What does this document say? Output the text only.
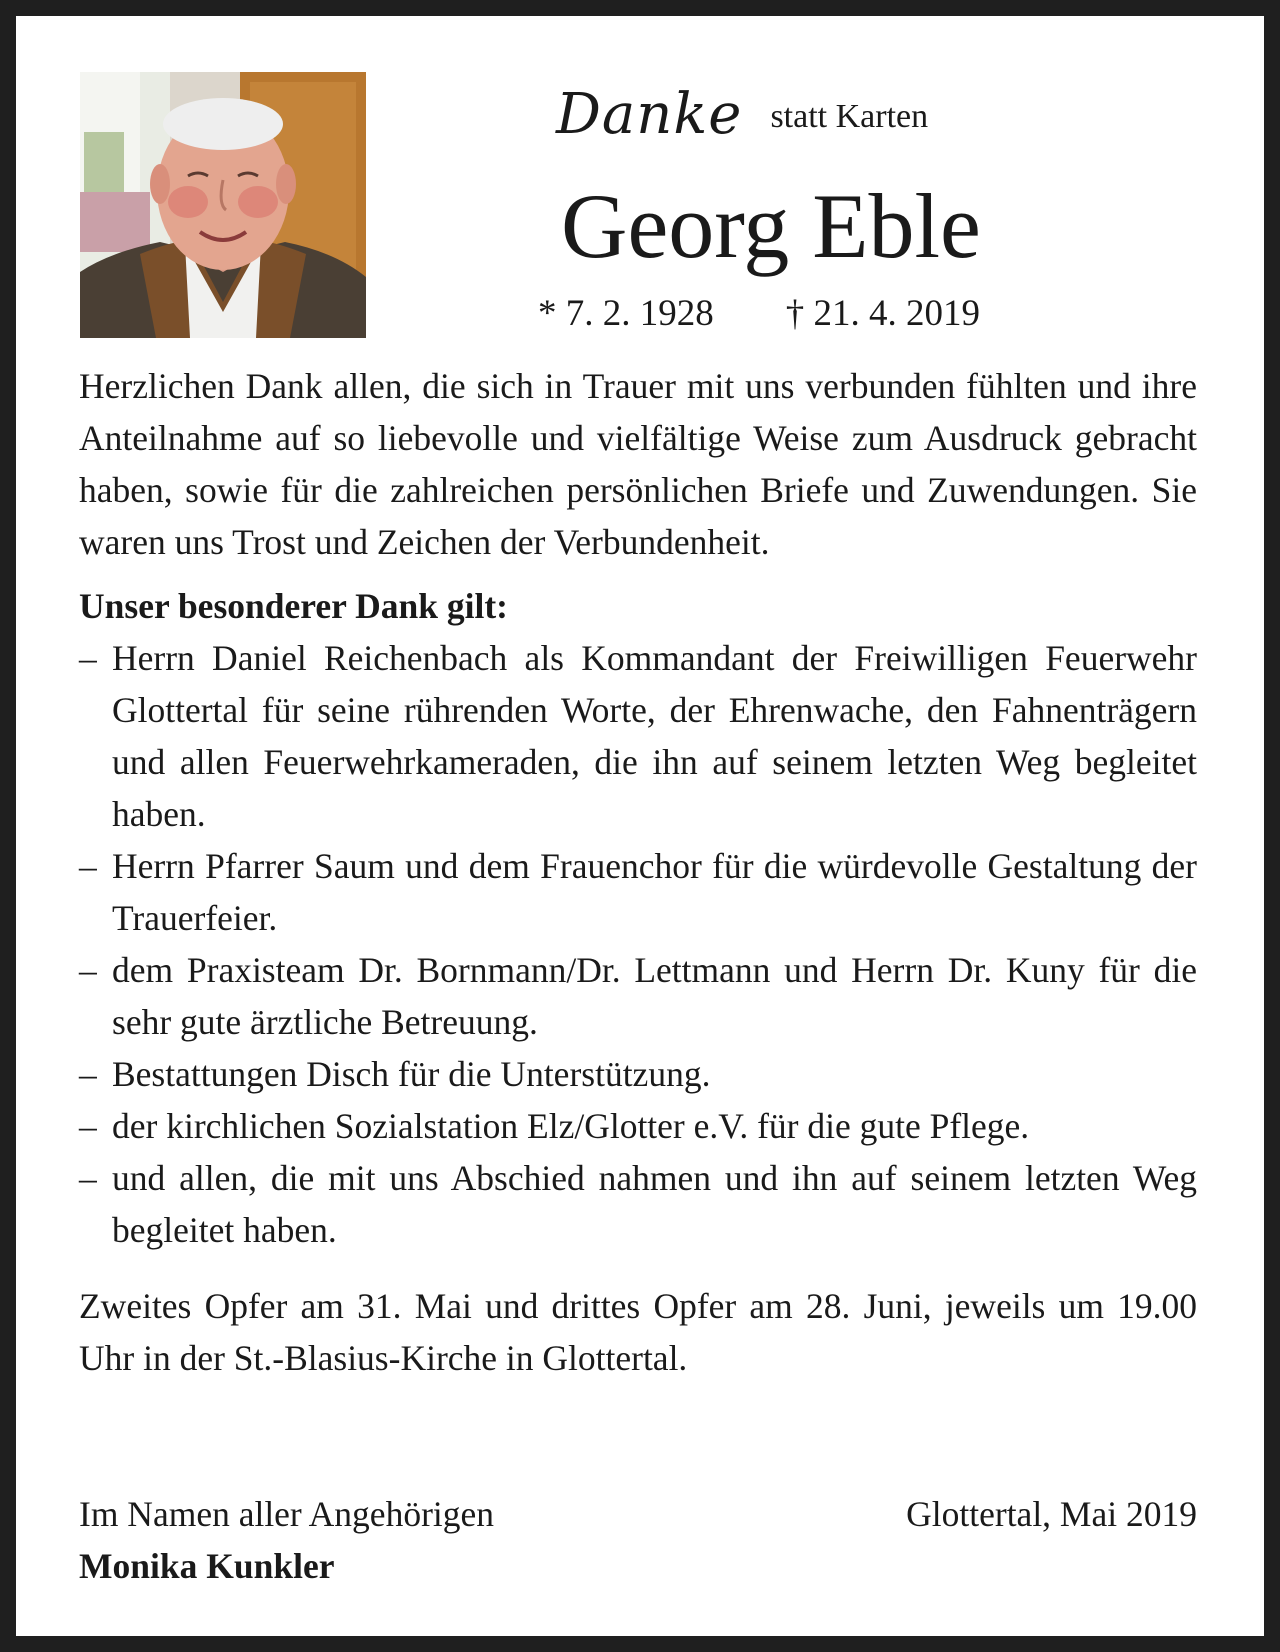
Danke statt Karten
Georg Eble
* 7. 2. 1928 † 21. 4. 2019

Herzlichen Dank allen, die sich in Trauer mit uns verbunden fühlten und ihre Anteilnahme auf so liebevolle und vielfältige Weise zum Ausdruck gebracht haben, sowie für die zahlreichen persönlichen Briefe und Zuwendungen. Sie waren uns Trost und Zeichen der Verbundenheit.

Unser besonderer Dank gilt:

– Herrn Daniel Reichenbach als Kommandant der Freiwilligen Feuerwehr Glottertal für seine rührenden Worte, der Ehrenwache, den Fahnenträgern und allen Feuerwehrkameraden, die ihn auf seinem letzten Weg begleitet haben.
– Herrn Pfarrer Saum und dem Frauenchor für die würdevolle Gestaltung der Trauerfeier.
– dem Praxisteam Dr. Bornmann/Dr. Lettmann und Herrn Dr. Kuny für die sehr gute ärztliche Betreuung.
– Bestattungen Disch für die Unterstützung.
– der kirchlichen Sozialstation Elz/Glotter e.V. für die gute Pflege.
– und allen, die mit uns Abschied nahmen und ihn auf seinem letzten Weg begleitet haben.

Zweites Opfer am 31. Mai und drittes Opfer am 28. Juni, jeweils um 19.00 Uhr in der St.-Blasius-Kirche in Glottertal.

Im Namen aller Angehörigen	Glottertal, Mai 2019
Monika Kunkler
